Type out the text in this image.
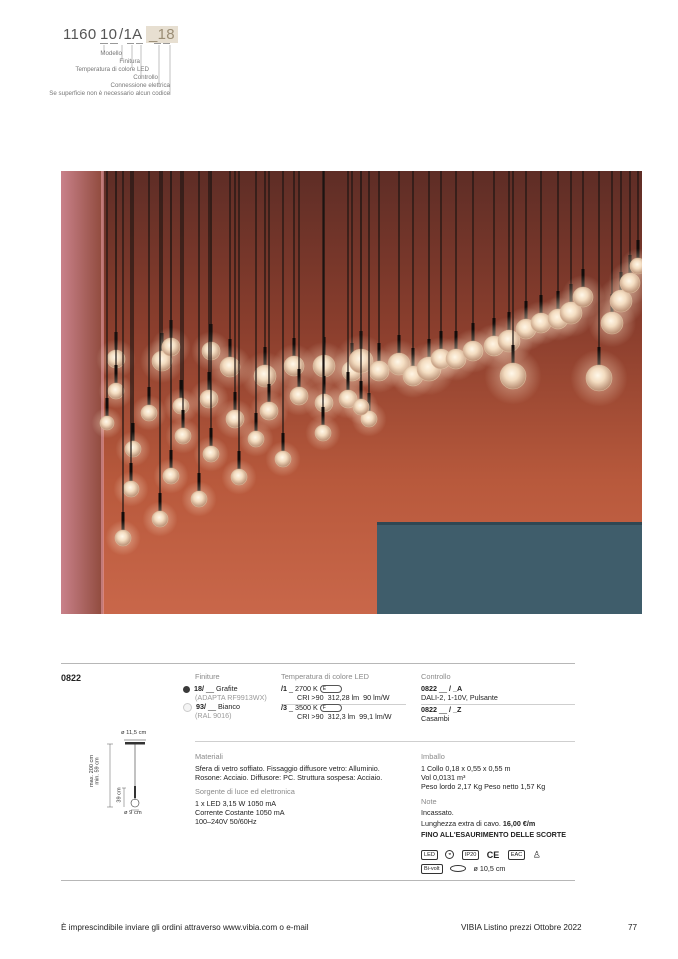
1160 10 /1A _18
Modello
Finitura
Temperatura di colore LED
Controllo
Connessione elettrica
Se superficie non è necessario alcun codice
0822	Finiture
18/ __ Grafite
(ADAPTA RF9913WX)
93/ __ Bianco
(RAL 9016)
Temperatura di colore LED
/1 _ 2700 K E
CRI >90 312,28 lm 90 lm/W
/3 _ 3500 K F
CRI >90 312,3 lm 99,1 lm/W
Controllo
0822 __ / _A
DALI-2, 1-10V, Pulsante
0822 __ / _Z
Casambi
ø 11,5 cm
max. 200 cm min. 59 cm
39 cm
ø 9 cm
Materiali
Sfera di vetro soffiato. Fissaggio diffusore vetro: Alluminio.
Rosone: Acciaio. Diffusore: PC. Struttura sospesa: Acciaio.
Sorgente di luce ed elettronica
1 x LED 3,15 W 1050 mA
Corrente Costante 1050 mA
100–240V 50/60Hz
Imballo
1 Collo 0,18 x 0,55 x 0,55 m
Vol 0,0131 m³
Peso lordo 2,17 Kg Peso netto 1,57 Kg
Note
Incassato.
Lunghezza extra di cavo. 16,00 €/m
FINO ALL'ESAURIMENTO DELLE SCORTE
LED ◒ IP20 CE EAC ♙
Bi-volt	ø 10,5 cm
È imprescindibile inviare gli ordini attraverso www.vibia.com o e-mail	VIBIA Listino prezzi Ottobre 2022	77
